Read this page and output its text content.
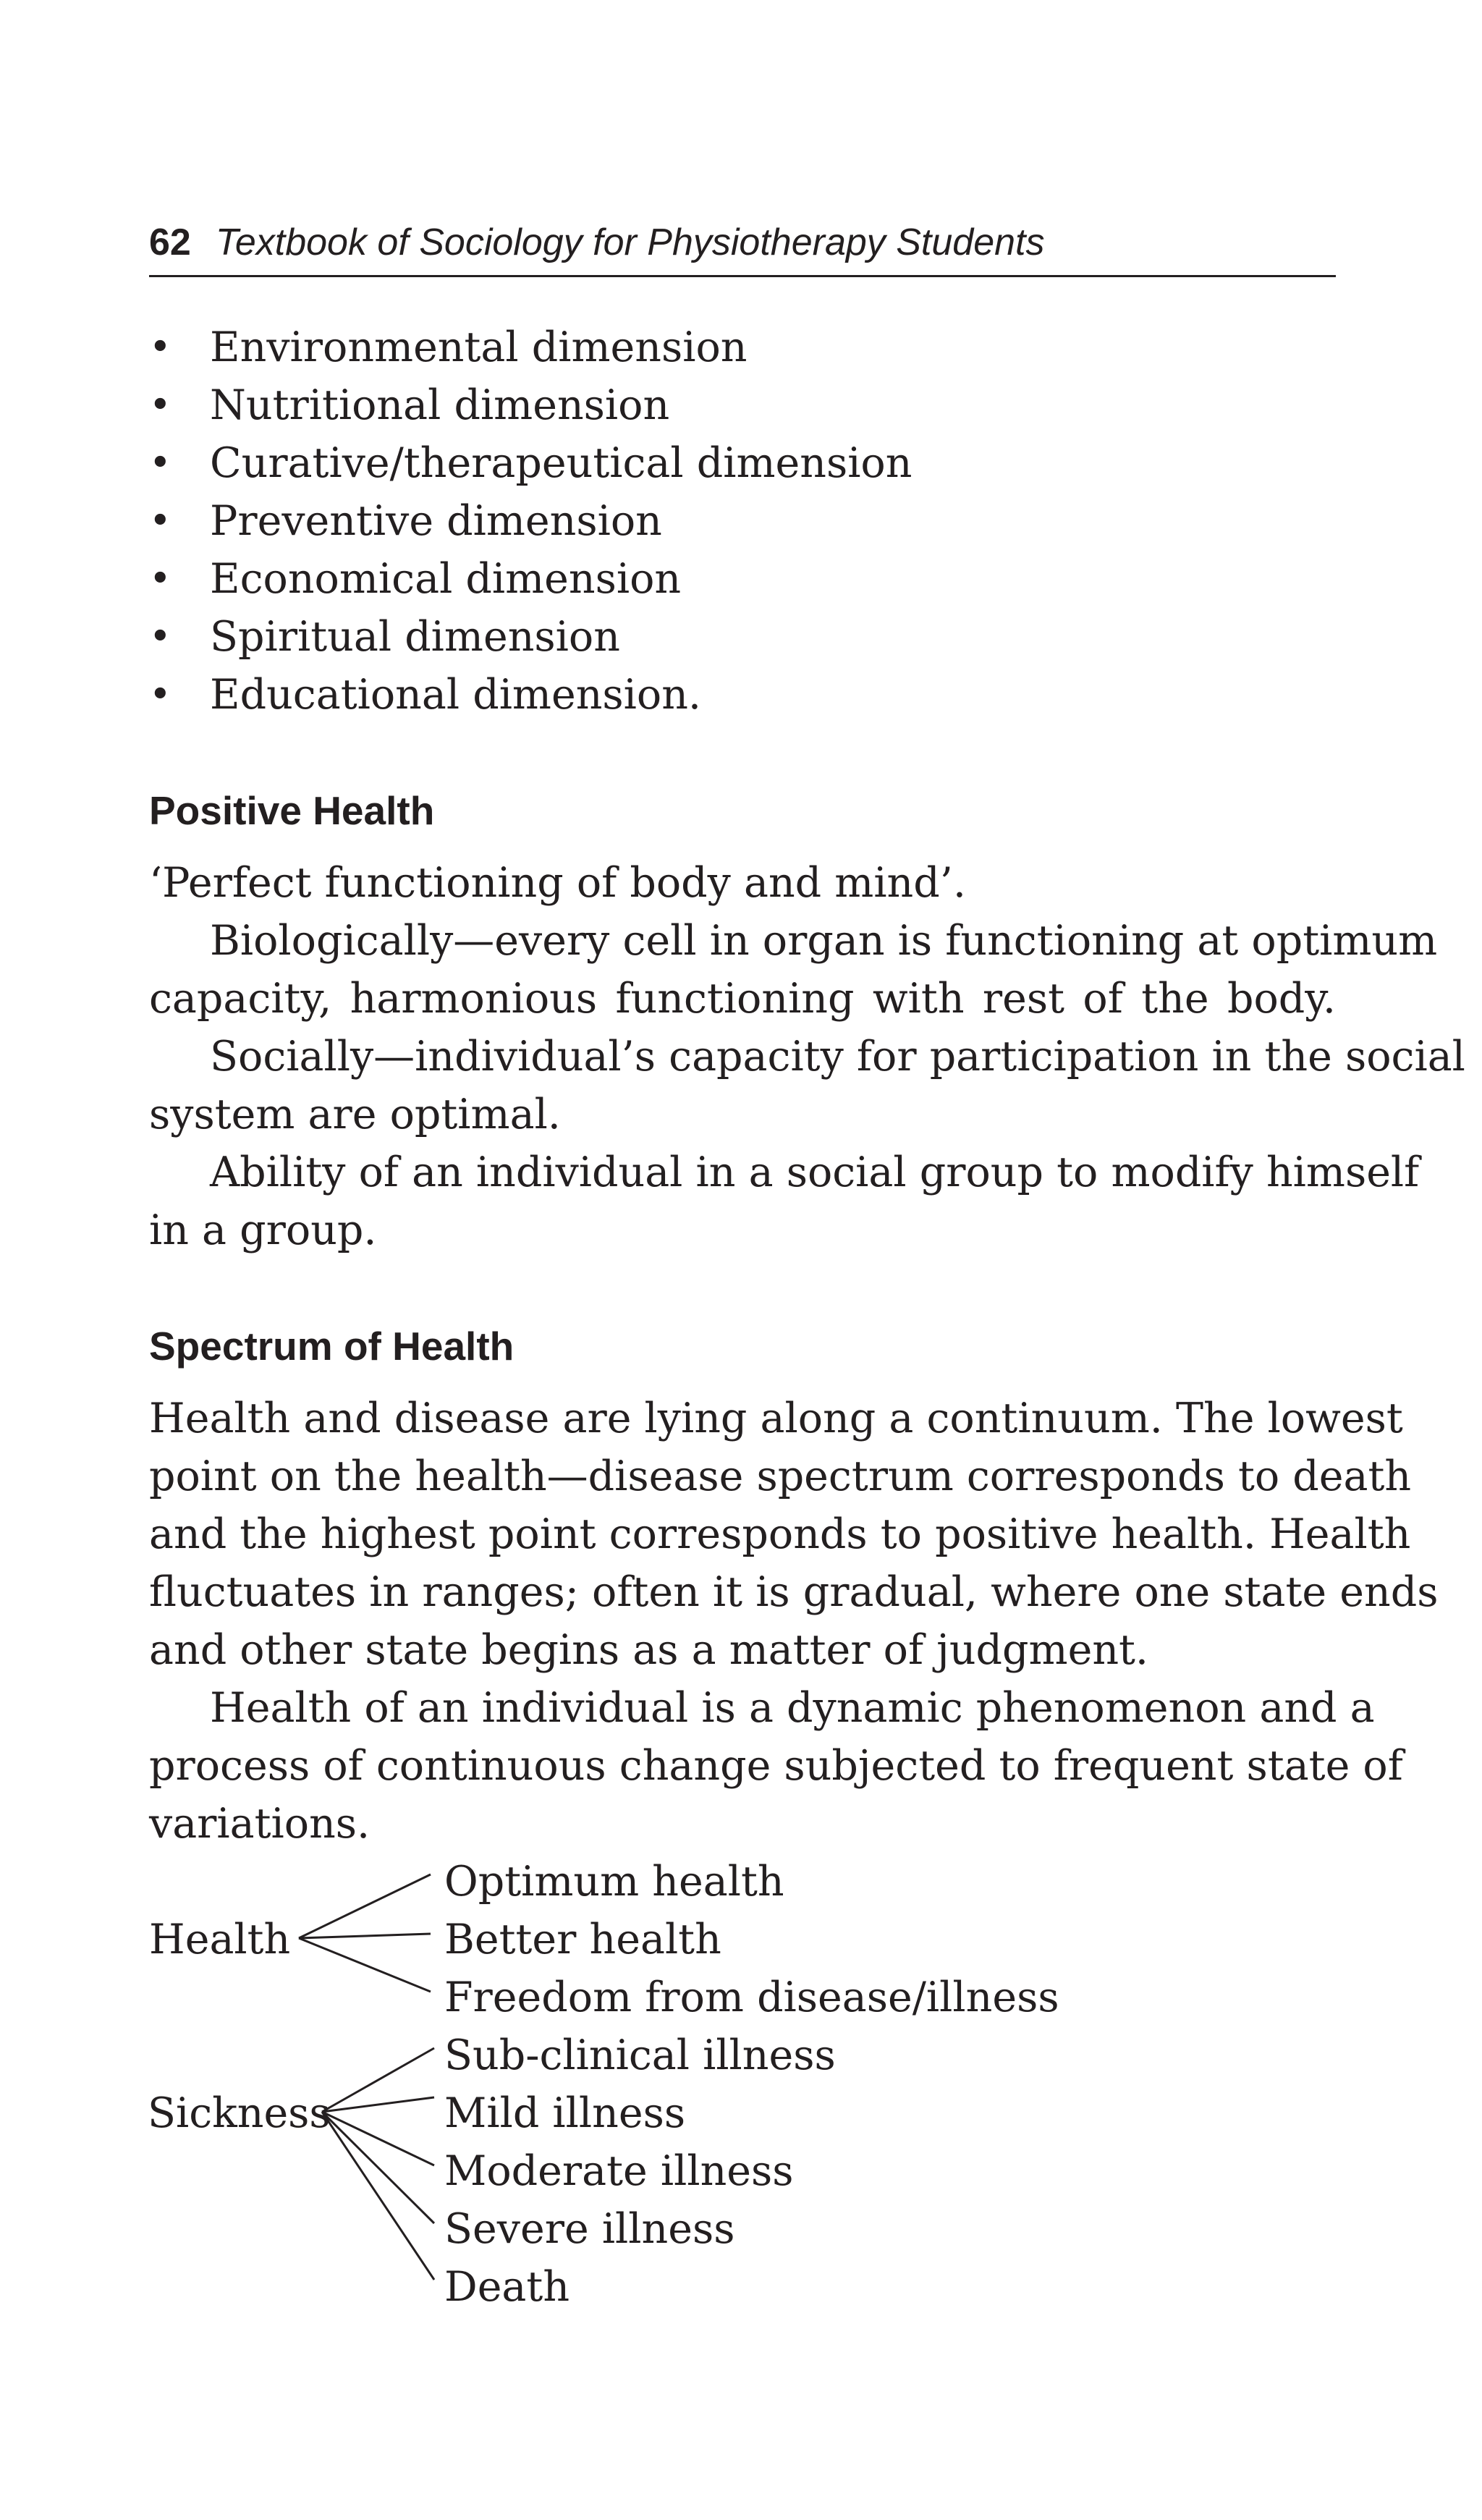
62 Textbook of Sociology for Physiotherapy Students
• Environmental dimension
• Nutritional dimension
• Curative/therapeutical dimension
• Preventive dimension
• Economical dimension
• Spiritual dimension
• Educational dimension.
Positive Health
‘Perfect functioning of body and mind’.
Biologically—every cell in organ is functioning at optimum
capacity, harmonious functioning with rest of the body.
Socially—individual’s capacity for participation in the social
system are optimal.
Ability of an individual in a social group to modify himself
in a group.
Spectrum of Health
Health and disease are lying along a continuum. The lowest
point on the health—disease spectrum corresponds to death
and the highest point corresponds to positive health. Health
fluctuates in ranges; often it is gradual, where one state ends
and other state begins as a matter of judgment.
Health of an individual is a dynamic phenomenon and a
process of continuous change subjected to frequent state of
variations.
Health
Optimum health
Better health
Freedom from disease/illness
Sickness
Sub-clinical illness
Mild illness
Moderate illness
Severe illness
Death
